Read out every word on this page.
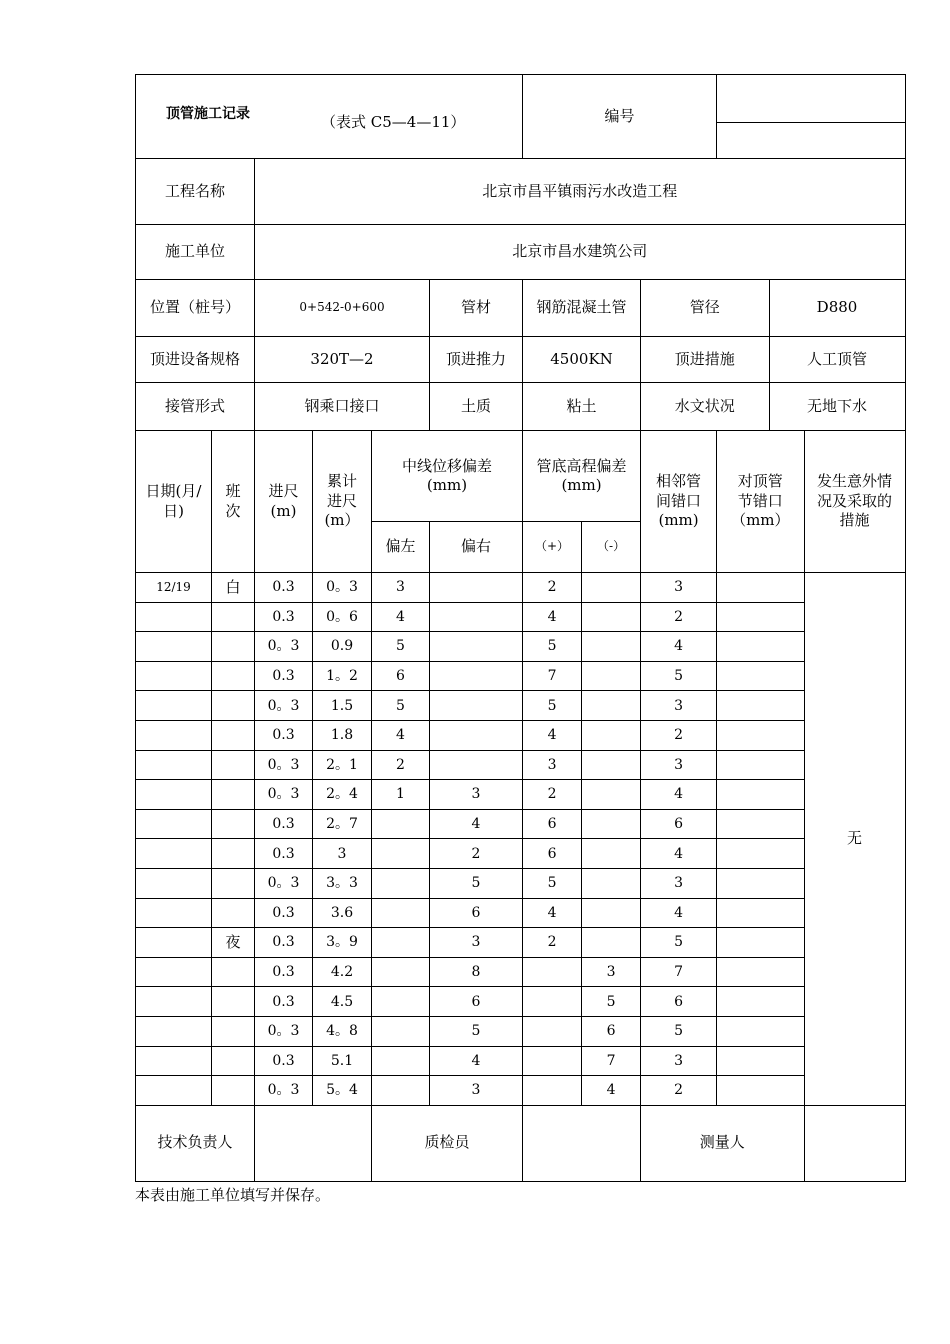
顶管施工记录 （表式 C5—4—11）						编号					

工程名称		北京市昌平镇雨污水改造工程									
施工单位		北京市昌水建筑公司									
位置（桩号）		0+542-0+600			管材	钢筋混凝土管		管径		D880	
顶进设备规格		320T—2			顶进推力	4500KN		顶进措施		人工顶管	
接管形式		钢乘口接口			土质	粘土		水文状况		无地下水	
日期(月/日)	班次	进尺(m)	累计进尺(m）	中线位移偏差(mm)		管底高程偏差(mm)		相邻管间错口(mm)	对顶管节错口（mm）		发生意外情况及采取的措施
				偏左	偏右	（+）	（-）				
12/19	白	0.3	0。3	3		2		3			无
		0.3	0。6	4		4		2			
		0。3	0.9	5		5		4			
		0.3	1。2	6		7		5			
		0。3	1.5	5		5		3			
		0.3	1.8	4		4		2			
		0。3	2。1	2		3		3			
		0。3	2。4	1	3	2		4			
		0.3	2。7		4	6		6			
		0.3	3		2	6		4			
		0。3	3。3		5	5		3			
		0.3	3.6		6	4		4			
	夜	0.3	3。9		3	2		5			
		0.3	4.2		8		3	7			
		0.3	4.5		6		5	6			
		0。3	4。8		5		6	5			
		0.3	5.1		4		7	3			
		0。3	5。4		3		4	2			
技术负责人				质检员				测量人			
本表由施工单位填写并保存。
